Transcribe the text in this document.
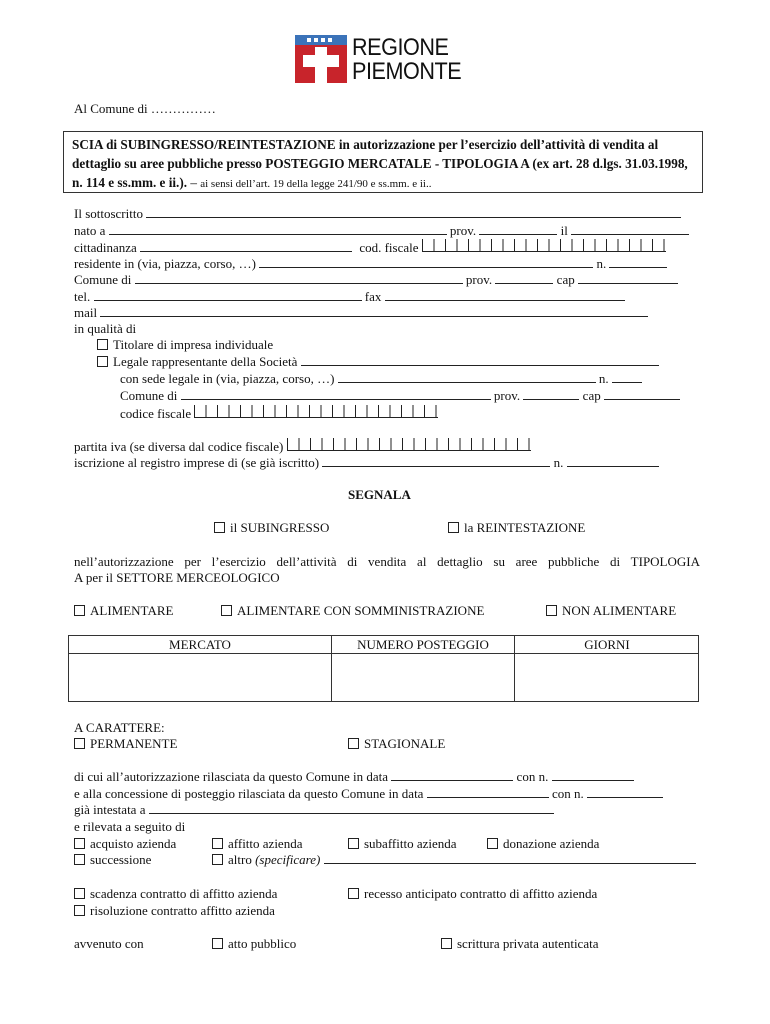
REGIONE
PIEMONTE
Al Comune di ……………
SCIA di SUBINGRESSO/REINTESTAZIONE in autorizzazione per l’esercizio dell’attività di vendita al dettaglio su aree pubbliche presso POSTEGGIO MERCATALE - TIPOLOGIA A (ex art. 28 d.lgs. 31.03.1998, n. 114 e ss.mm. e ii.). – ai sensi dell’art. 19 della legge 241/90 e ss.mm. e ii..
Il sottoscritto
nato a	prov.	il
cittadinanza	cod. fiscale
residente in (via, piazza, corso, …)	n.
Comune di	prov.	cap
tel.	fax
mail
in qualità di
Titolare di impresa individuale
Legale rappresentante della Società
con sede legale in (via, piazza, corso, …)	n.
Comune di	prov.	cap
codice fiscale
partita iva (se diversa dal codice fiscale)
iscrizione al registro imprese di (se già iscritto)	n.
SEGNALA
il SUBINGRESSO	la REINTESTAZIONE
nell’autorizzazione per l’esercizio dell’attività di vendita al dettaglio su aree pubbliche di TIPOLOGIA
A per il SETTORE MERCEOLOGICO
ALIMENTARE	ALIMENTARE CON SOMMINISTRAZIONE	NON ALIMENTARE
MERCATO	NUMERO POSTEGGIO	GIORNI
A CARATTERE:
PERMANENTE	STAGIONALE
di cui all’autorizzazione rilasciata da questo Comune in data	con n.
e alla concessione di posteggio rilasciata da questo Comune in data	con n.
già intestata a
e rilevata a seguito di
acquisto azienda	affitto azienda	subaffitto azienda	donazione azienda
successione	altro (specificare)
scadenza contratto di affitto azienda	recesso anticipato contratto di affitto azienda
risoluzione contratto affitto azienda
avvenuto con	atto pubblico	scrittura privata autenticata
